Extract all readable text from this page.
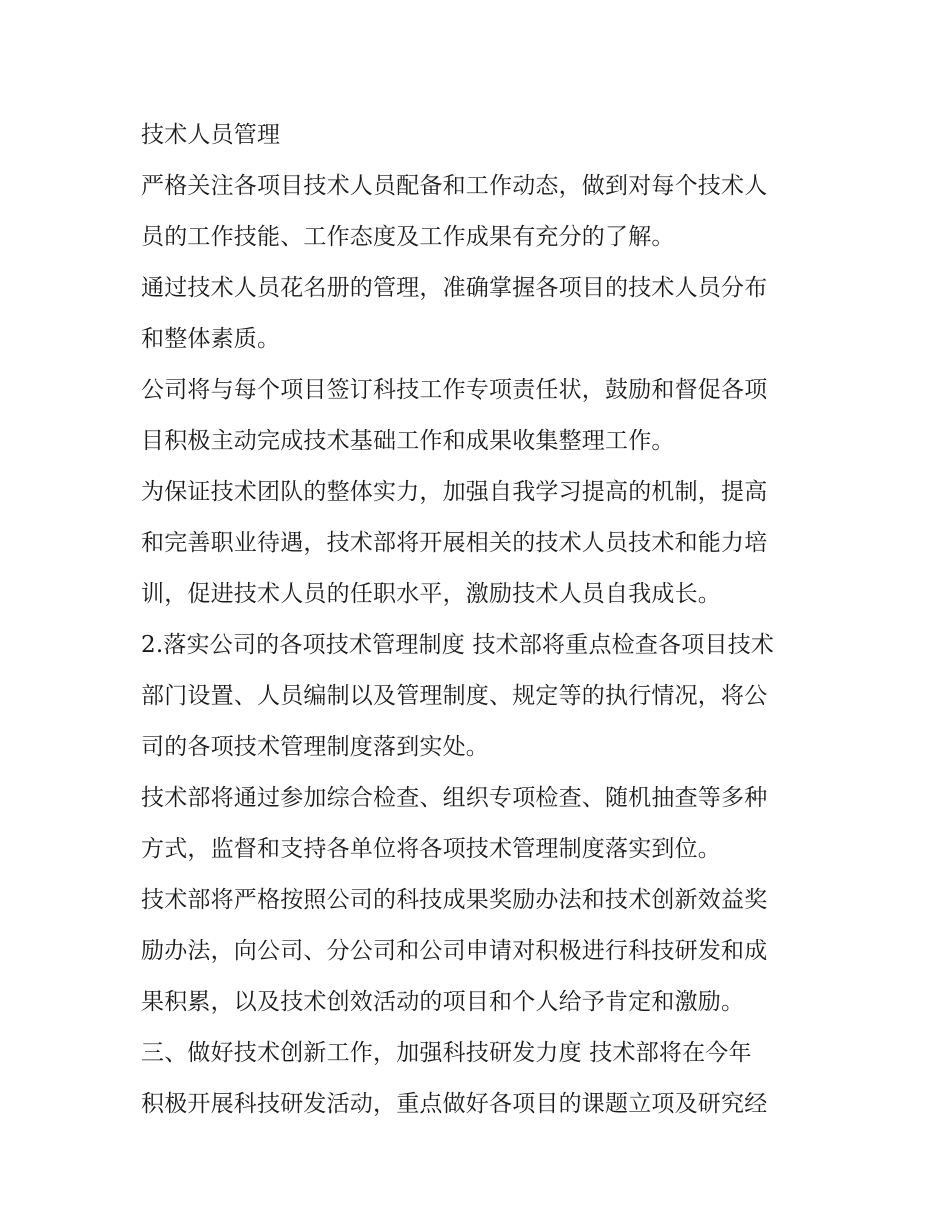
技术人员管理
严格关注各项目技术人员配备和工作动态，做到对每个技术人
员的工作技能、工作态度及工作成果有充分的了解。
通过技术人员花名册的管理，准确掌握各项目的技术人员分布
和整体素质。
公司将与每个项目签订科技工作专项责任状，鼓励和督促各项
目积极主动完成技术基础工作和成果收集整理工作。
为保证技术团队的整体实力，加强自我学习提高的机制，提高
和完善职业待遇，技术部将开展相关的技术人员技术和能力培
训，促进技术人员的任职水平，激励技术人员自我成长。
2.落实公司的各项技术管理制度 技术部将重点检查各项目技术
部门设置、人员编制以及管理制度、规定等的执行情况，将公
司的各项技术管理制度落到实处。
技术部将通过参加综合检查、组织专项检查、随机抽查等多种
方式，监督和支持各单位将各项技术管理制度落实到位。
技术部将严格按照公司的科技成果奖励办法和技术创新效益奖
励办法，向公司、分公司和公司申请对积极进行科技研发和成
果积累，以及技术创效活动的项目和个人给予肯定和激励。
三、做好技术创新工作，加强科技研发力度 技术部将在今年
积极开展科技研发活动，重点做好各项目的课题立项及研究经
